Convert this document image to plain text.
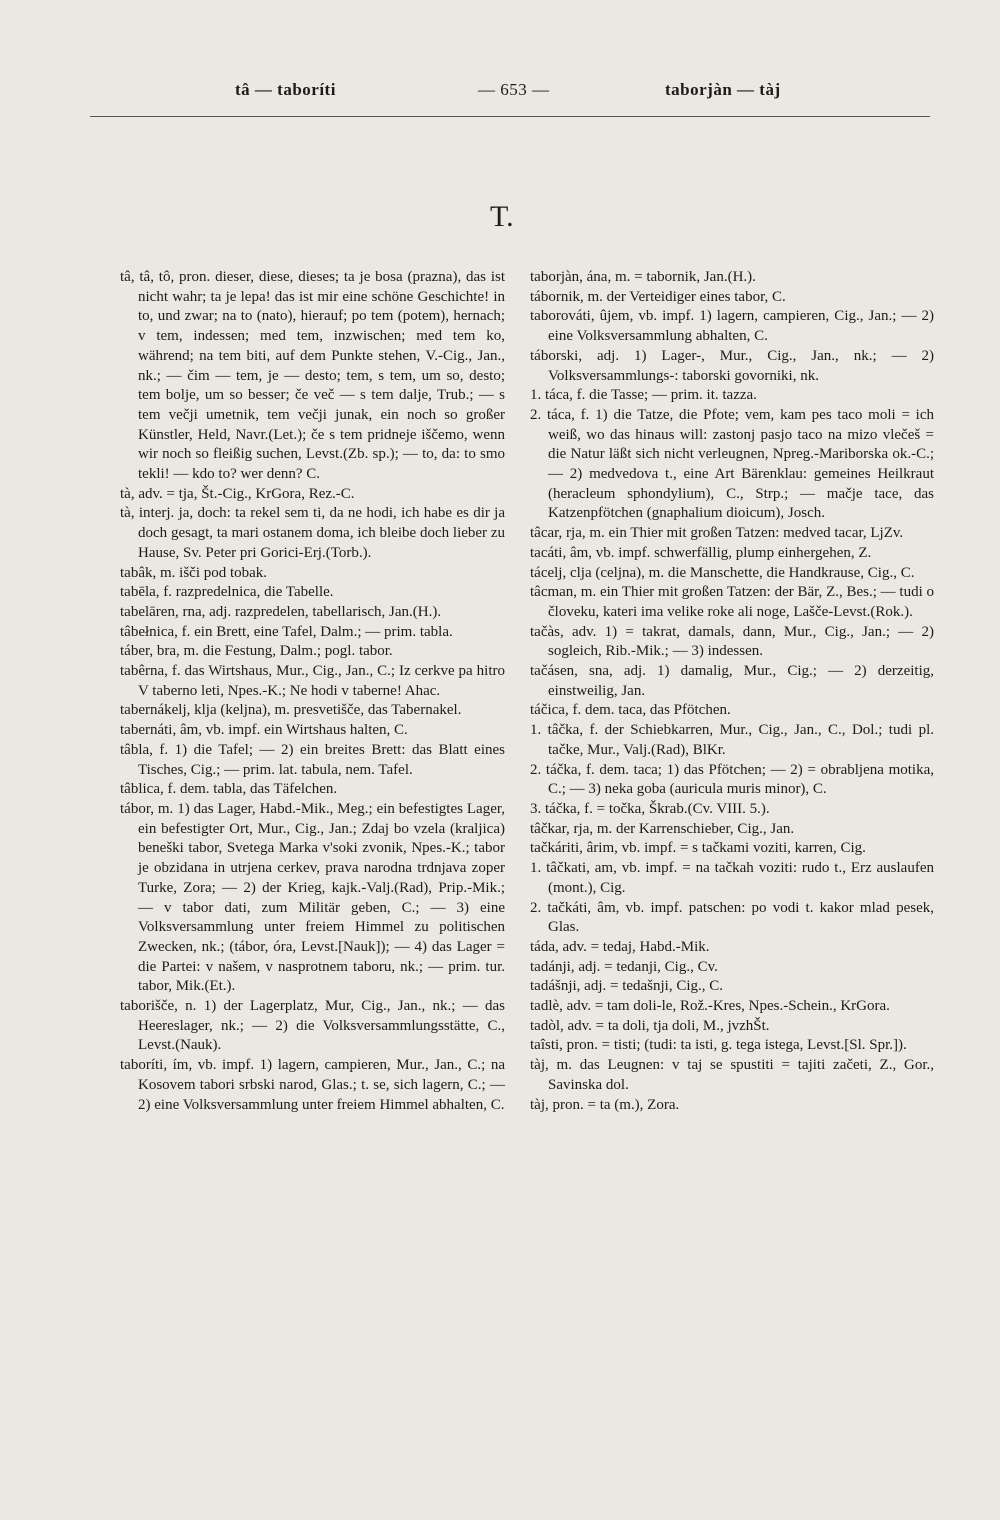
tâ — taboríti	— 653 —	taborjàn — tàj
T.

tâ, tâ, tô, pron. dieser, diese, dieses; ta je bosa (prazna), das ist nicht wahr; ta je lepa! das ist mir eine schöne Geschichte! in to, und zwar; na to (nato), hierauf; po tem (potem), hernach; v tem, indessen; med tem, inzwischen; med tem ko, während; na tem biti, auf dem Punkte stehen, V.-Cig., Jan., nk.; — čim — tem, je — desto; tem, s tem, um so, desto; tem bolje, um so besser; če več — s tem dalje, Trub.; — s tem večji umetnik, tem večji junak, ein noch so großer Künstler, Held, Navr.(Let.); če s tem pridneje iščemo, wenn wir noch so fleißig suchen, Levst.(Zb. sp.); — to, da: to smo tekli! — kdo to? wer denn? C.

tà, adv. = tja, Št.-Cig., KrGora, Rez.-C.

tà, interj. ja, doch: ta rekel sem ti, da ne hodi, ich habe es dir ja doch gesagt, ta mari ostanem doma, ich bleibe doch lieber zu Hause, Sv. Peter pri Gorici-Erj.(Torb.).

tabâk, m. išči pod tobak.

tabēla, f. razpredelnica, die Tabelle.

tabelāren, rna, adj. razpredelen, tabellarisch, Jan.(H.).

tâbełnica, f. ein Brett, eine Tafel, Dalm.; — prim. tabla.

táber, bra, m. die Festung, Dalm.; pogl. tabor.

tabêrna, f. das Wirtshaus, Mur., Cig., Jan., C.; Iz cerkve pa hitro V taberno leti, Npes.-K.; Ne hodi v taberne! Ahac.

tabernákelj, klja (keljna), m. presvetišče, das Tabernakel.

tabernáti, âm, vb. impf. ein Wirtshaus halten, C.

tâbla, f. 1) die Tafel; — 2) ein breites Brett: das Blatt eines Tisches, Cig.; — prim. lat. tabula, nem. Tafel.

tâblica, f. dem. tabla, das Täfelchen.

tábor, m. 1) das Lager, Habd.-Mik., Meg.; ein befestigtes Lager, ein befestigter Ort, Mur., Cig., Jan.; Zdaj bo vzela (kraljica) beneški tabor, Svetega Marka v'soki zvonik, Npes.-K.; tabor je obzidana in utrjena cerkev, prava narodna trdnjava zoper Turke, Zora; — 2) der Krieg, kajk.-Valj.(Rad), Prip.-Mik.; — v tabor dati, zum Militär geben, C.; — 3) eine Volksversammlung unter freiem Himmel zu politischen Zwecken, nk.; (tábor, óra, Levst.[Nauk]); — 4) das Lager = die Partei: v našem, v nasprotnem taboru, nk.; — prim. tur. tabor, Mik.(Et.).

taborišče, n. 1) der Lagerplatz, Mur, Cig., Jan., nk.; — das Heereslager, nk.; — 2) die Volksversammlungsstätte, C., Levst.(Nauk).

taboríti, ím, vb. impf. 1) lagern, campieren, Mur., Jan., C.; na Kosovem tabori srbski narod, Glas.; t. se, sich lagern, C.; — 2) eine Volksversammlung unter freiem Himmel abhalten, C.

taborjàn, ána, m. = tabornik, Jan.(H.).

tábornik, m. der Verteidiger eines tabor, C.

taborováti, ûjem, vb. impf. 1) lagern, campieren, Cig., Jan.; — 2) eine Volksversammlung abhalten, C.

táborski, adj. 1) Lager-, Mur., Cig., Jan., nk.; — 2) Volksversammlungs-: taborski govorniki, nk.

1. táca, f. die Tasse; — prim. it. tazza.

2. táca, f. 1) die Tatze, die Pfote; vem, kam pes taco moli = ich weiß, wo das hinaus will: zastonj pasjo taco na mizo vlečeš = die Natur läßt sich nicht verleugnen, Npreg.-Mariborska ok.-C.; — 2) medvedova t., eine Art Bärenklau: gemeines Heilkraut (heracleum sphondylium), C., Strp.; — mačje tace, das Katzenpfötchen (gnaphalium dioicum), Josch.

tâcar, rja, m. ein Thier mit großen Tatzen: medved tacar, LjZv.

tacáti, âm, vb. impf. schwerfällig, plump einhergehen, Z.

tácelj, clja (celjna), m. die Manschette, die Handkrause, Cig., C.

tâcman, m. ein Thier mit großen Tatzen: der Bär, Z., Bes.; — tudi o človeku, kateri ima velike roke ali noge, Lašče-Levst.(Rok.).

tačàs, adv. 1) = takrat, damals, dann, Mur., Cig., Jan.; — 2) sogleich, Rib.-Mik.; — 3) indessen.

tačásen, sna, adj. 1) damalig, Mur., Cig.; — 2) derzeitig, einstweilig, Jan.

táčica, f. dem. taca, das Pfötchen.

1. tâčka, f. der Schiebkarren, Mur., Cig., Jan., C., Dol.; tudi pl. tačke, Mur., Valj.(Rad), BlKr.

2. táčka, f. dem. taca; 1) das Pfötchen; — 2) = obrabljena motika, C.; — 3) neka goba (auricula muris minor), C.

3. táčka, f. = točka, Škrab.(Cv. VIII. 5.).

tâčkar, rja, m. der Karrenschieber, Cig., Jan.

tačkáriti, ârim, vb. impf. = s tačkami voziti, karren, Cig.

1. tâčkati, am, vb. impf. = na tačkah voziti: rudo t., Erz auslaufen (mont.), Cig.

2. tačkáti, âm, vb. impf. patschen: po vodi t. kakor mlad pesek, Glas.

táda, adv. = tedaj, Habd.-Mik.

tadánji, adj. = tedanji, Cig., Cv.

tadášnji, adj. = tedašnji, Cig., C.

tadlè, adv. = tam doli-le, Rož.-Kres, Npes.-Schein., KrGora.

tadòl, adv. = ta doli, tja doli, M., jvzhŠt.

taîsti, pron. = tisti; (tudi: ta isti, g. tega istega, Levst.[Sl. Spr.]).

tàj, m. das Leugnen: v taj se spustiti = tajiti začeti, Z., Gor., Savinska dol.

tàj, pron. = ta (m.), Zora.
